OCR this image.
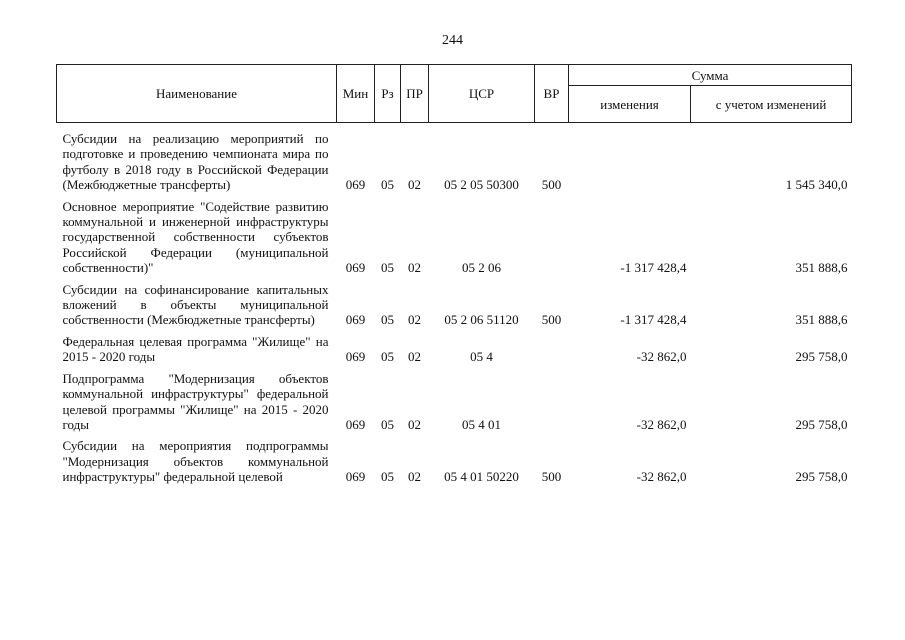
244
Наименование	Мин	Рз	ПР	ЦСР	ВР	Сумма	
						изменения	с учетом изменений
Субсидии на реализацию мероприятий по подготовке и проведению чемпионата мира по футболу в 2018 году в Российской Федерации (Межбюджетные трансферты)	069	05	02	05 2 05 50300	500		1 545 340,0
Основное мероприятие "Содействие развитию коммунальной и инженерной инфраструктуры государственной собственности субъектов Российской Федерации (муниципальной собственности)"	069	05	02	05 2 06		-1 317 428,4	351 888,6
Субсидии на софинансирование капитальных вложений в объекты муниципальной собственности (Межбюджетные трансферты)	069	05	02	05 2 06 51120	500	-1 317 428,4	351 888,6
Федеральная целевая программа "Жилище" на 2015 - 2020 годы	069	05	02	05 4		-32 862,0	295 758,0
Подпрограмма "Модернизация объектов коммунальной инфраструктуры" федеральной целевой программы "Жилище" на 2015 - 2020 годы	069	05	02	05 4 01		-32 862,0	295 758,0

Субсидии на мероприятия подпрограммы "Модернизация объектов коммунальной инфраструктуры" федеральной целевой	069	05	02	05 4 01 50220	500	-32 862,0	295 758,0
